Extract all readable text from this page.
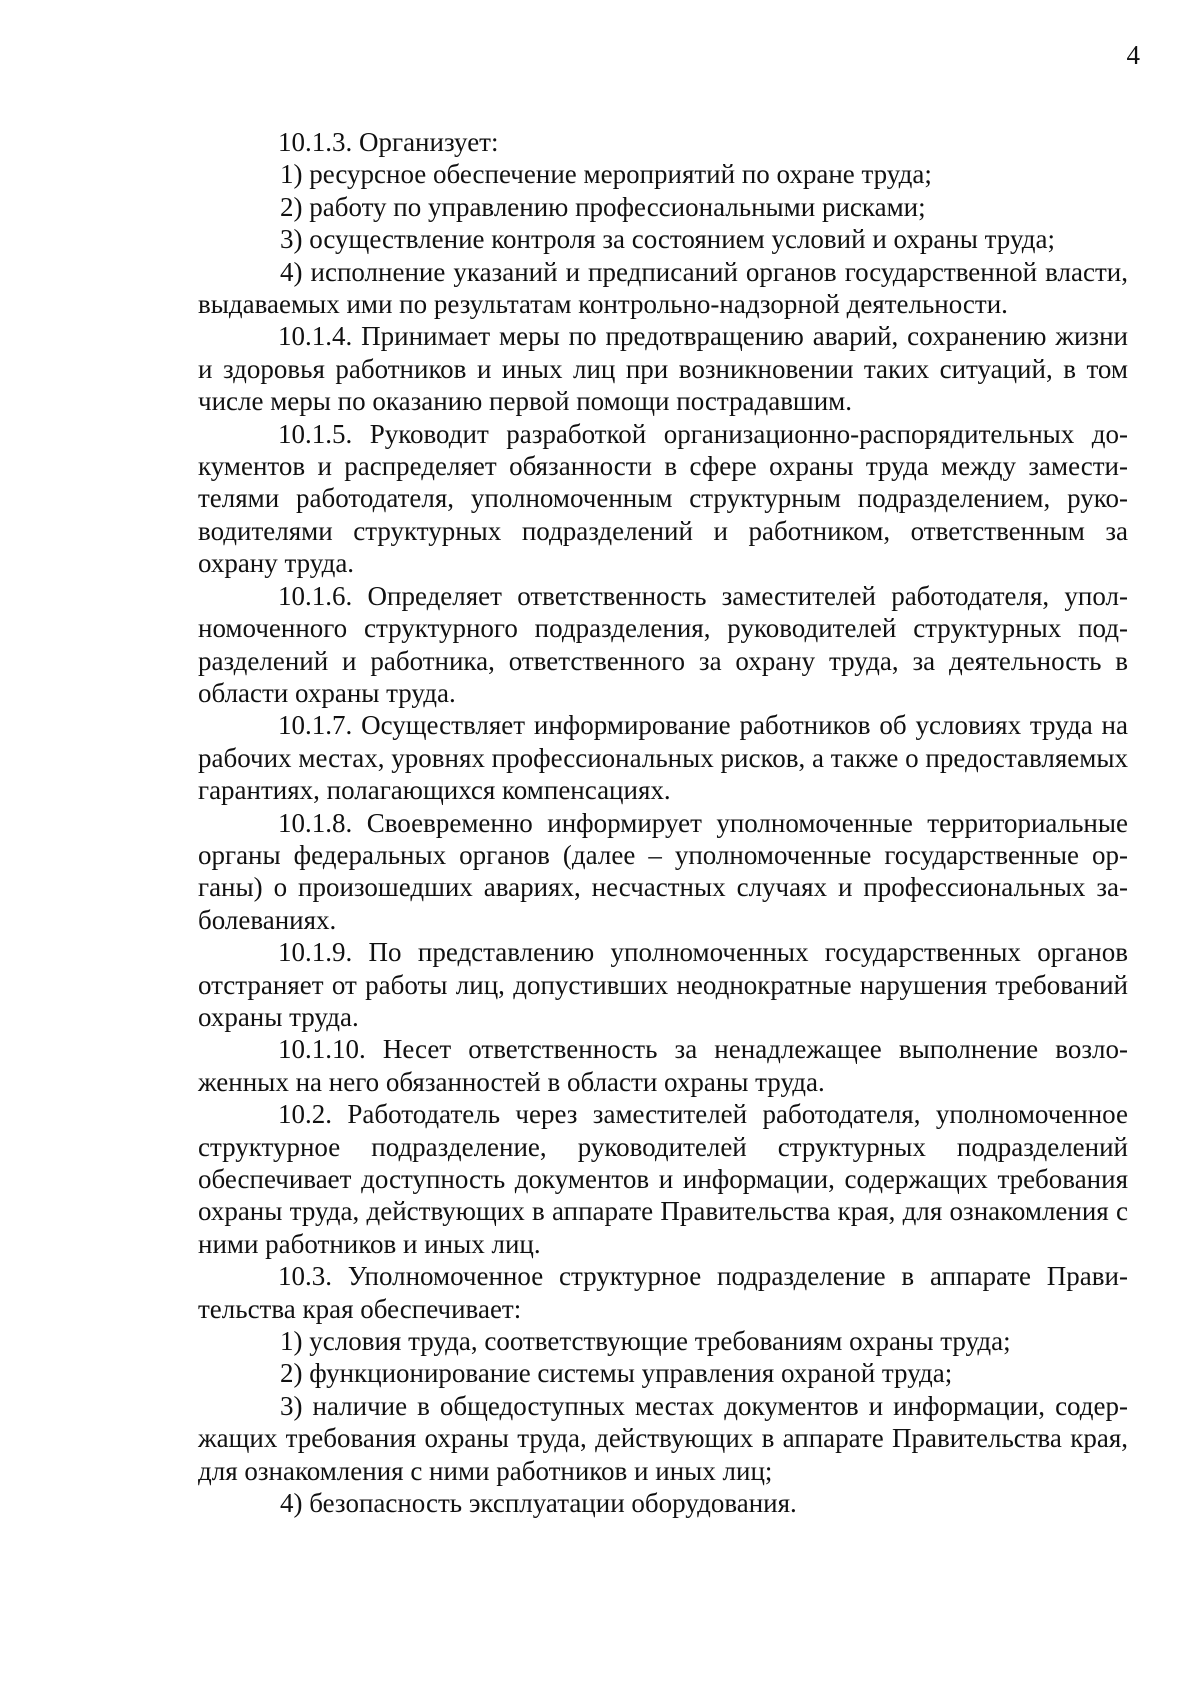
4

10.1.3. Организует:

1) ресурсное обеспечение мероприятий по охране труда;

2) работу по управлению профессиональными рисками;

3) осуществление контроля за состоянием условий и охраны труда;

4) исполнение указаний и предписаний органов государственной власти, выдаваемых ими по результатам контрольно-надзорной деятельности.

10.1.4. Принимает меры по предотвращению аварий, сохранению жизни и здоровья работников и иных лиц при возникновении таких ситуаций, в том числе меры по оказанию первой помощи пострадавшим.

10.1.5. Руководит разработкой организационно-распорядительных документов и распределяет обязанности в сфере охраны труда между заместителями работодателя, уполномоченным структурным подразделением, руководителями структурных подразделений и работником, ответственным за охрану труда.

10.1.6. Определяет ответственность заместителей работодателя, уполномоченного структурного подразделения, руководителей структурных подразделений и работника, ответственного за охрану труда, за деятельность в области охраны труда.

10.1.7. Осуществляет информирование работников об условиях труда на рабочих местах, уровнях профессиональных рисков, а также о предоставляемых гарантиях, полагающихся компенсациях.

10.1.8. Своевременно информирует уполномоченные территориальные органы федеральных органов (далее – уполномоченные государственные органы) о произошедших авариях, несчастных случаях и профессиональных заболеваниях.

10.1.9. По представлению уполномоченных государственных органов отстраняет от работы лиц, допустивших неоднократные нарушения требований охраны труда.

10.1.10. Несет ответственность за ненадлежащее выполнение возложенных на него обязанностей в области охраны труда.

10.2. Работодатель через заместителей работодателя, уполномоченное структурное подразделение, руководителей структурных подразделений обеспечивает доступность документов и информации, содержащих требования охраны труда, действующих в аппарате Правительства края, для ознакомления с ними работников и иных лиц.

10.3. Уполномоченное структурное подразделение в аппарате Правительства края обеспечивает:

1) условия труда, соответствующие требованиям охраны труда;

2) функционирование системы управления охраной труда;

3) наличие в общедоступных местах документов и информации, содержащих требования охраны труда, действующих в аппарате Правительства края, для ознакомления с ними работников и иных лиц;

4) безопасность эксплуатации оборудования.
